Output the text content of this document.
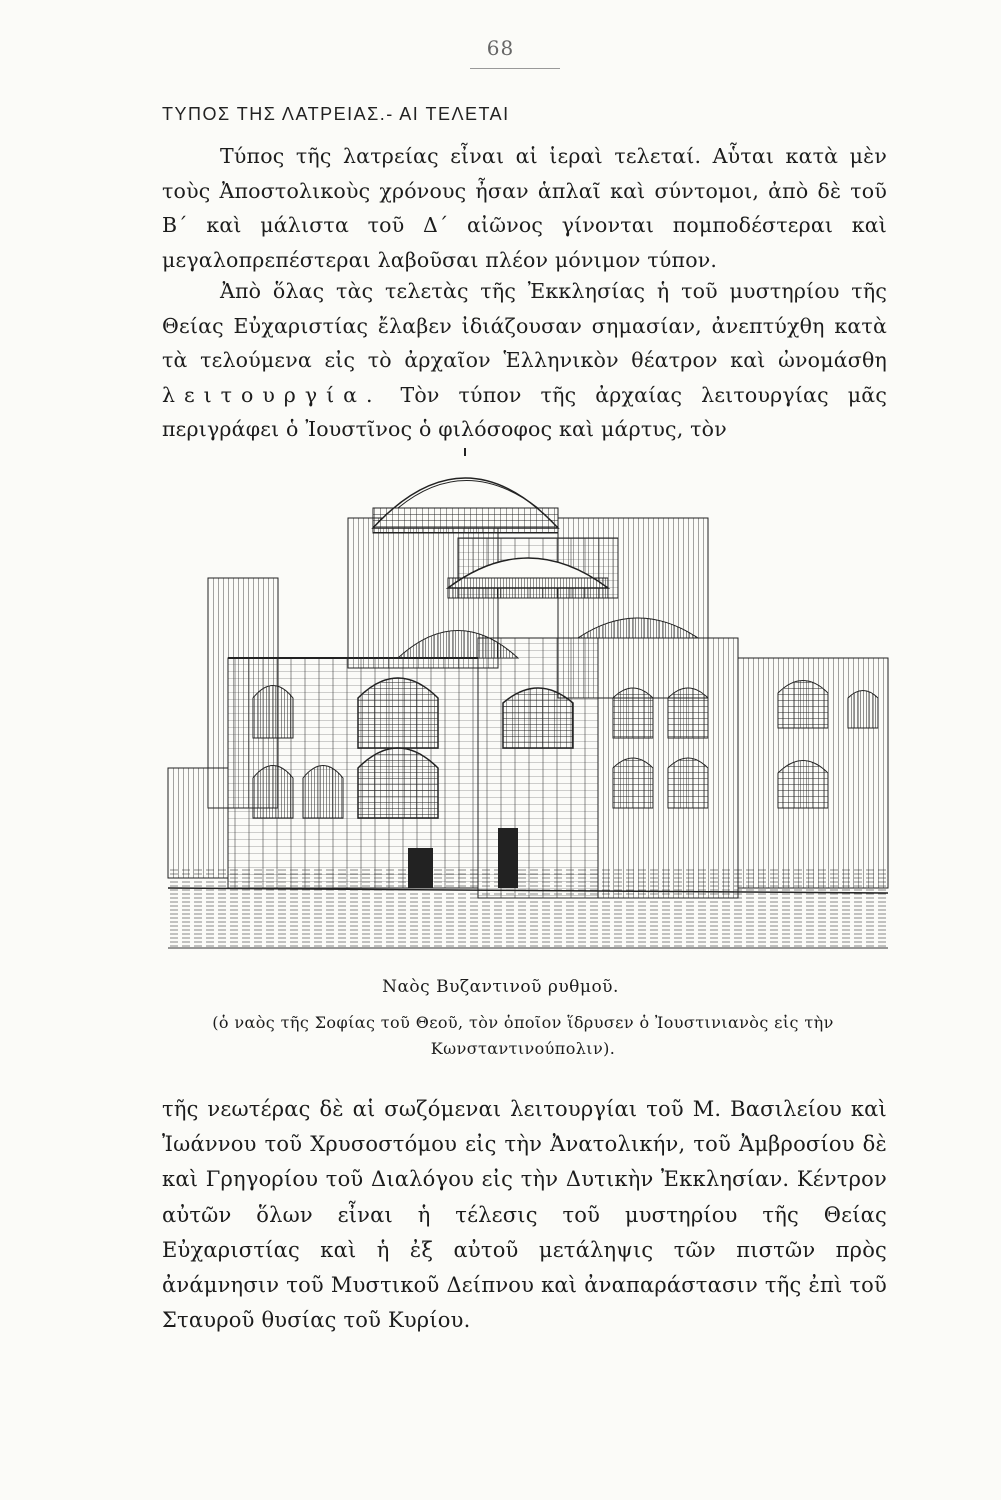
68
ΤΥΠΟΣ ΤΗΣ ΛΑΤΡΕΙΑΣ.- ΑΙ ΤΕΛΕΤΑΙ
Τύπος τῆς λατρείας εἶναι αἱ ἱεραὶ τελεταί. Αὗται κατὰ μὲν τοὺς Ἀποστολικοὺς χρόνους ἦσαν ἁπλαῖ καὶ σύντομοι, ἀπὸ δὲ τοῦ Β΄ καὶ μάλιστα τοῦ Δ΄ αἰῶνος γίνονται πομποδέστεραι καὶ μεγαλοπρεπέστεραι λαβοῦσαι πλέον μόνιμον τύπον.
Ἀπὸ ὅλας τὰς τελετὰς τῆς Ἐκκλησίας ἡ τοῦ μυστηρίου τῆς Θείας Εὐχαριστίας ἔλαβεν ἰδιάζουσαν σημασίαν, ἀνεπτύχθη κατὰ τὰ τελούμενα εἰς τὸ ἀρχαῖον Ἑλληνικὸν θέατρον καὶ ὠνομάσθη λειτουργία. Τὸν τύπον τῆς ἀρχαίας λειτουργίας μᾶς περιγράφει ὁ Ἰουστῖνος ὁ φιλόσοφος καὶ μάρτυς, τὸν
Ναὸς Βυζαντινοῦ ρυθμοῦ.
(ὁ ναὸς τῆς Σοφίας τοῦ Θεοῦ, τὸν ὁποῖον ἵδρυσεν ὁ Ἰουστινιανὸς εἰς τὴν Κωνσταντινούπολιν).
τῆς νεωτέρας δὲ αἱ σωζόμεναι λειτουργίαι τοῦ Μ. Βασιλείου καὶ Ἰωάννου τοῦ Χρυσοστόμου εἰς τὴν Ἀνατολικήν, τοῦ Ἀμβροσίου δὲ καὶ Γρηγορίου τοῦ Διαλόγου εἰς τὴν Δυτικὴν Ἐκκλησίαν. Κέντρον αὐτῶν ὅλων εἶναι ἡ τέλεσις τοῦ μυστηρίου τῆς Θείας Εὐχαριστίας καὶ ἡ ἐξ αὐτοῦ μετάληψις τῶν πιστῶν πρὸς ἀνάμνησιν τοῦ Μυστικοῦ Δείπνου καὶ ἀναπαράστασιν τῆς ἐπὶ τοῦ Σταυροῦ θυσίας τοῦ Κυρίου.
